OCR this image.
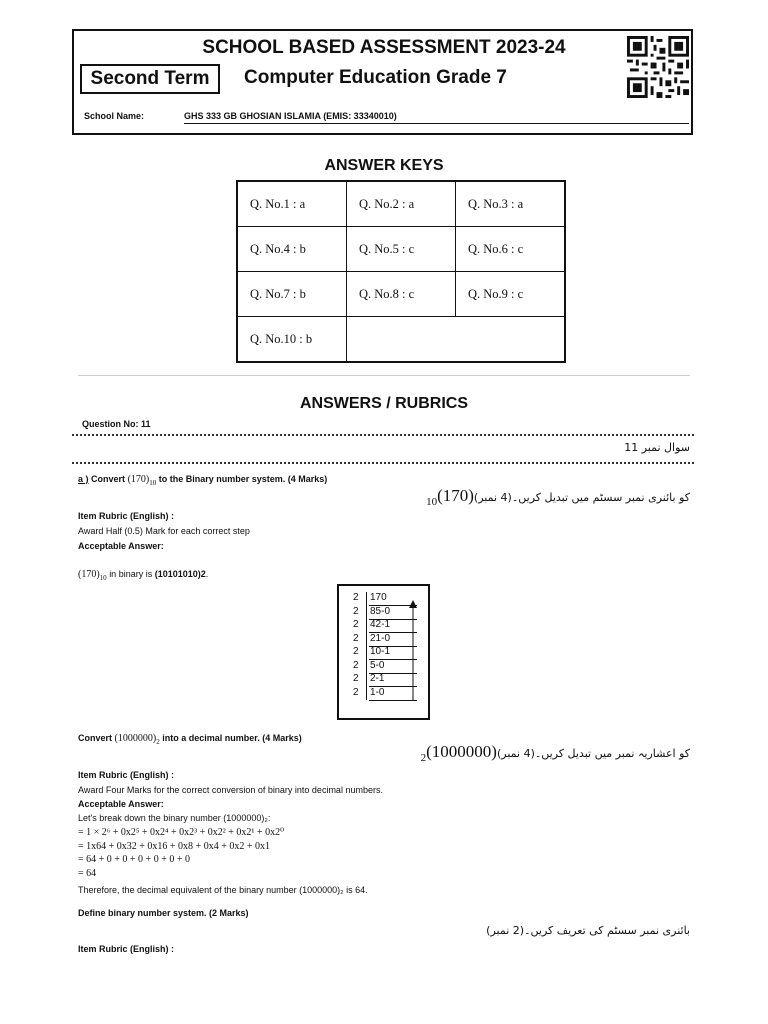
SCHOOL BASED ASSESSMENT 2023-24
Second Term	Computer Education Grade 7
School Name:	GHS 333 GB GHOSIAN ISLAMIA (EMIS: 33340010)
ANSWER KEYS
Q. No.1 : a	Q. No.2 : a	Q. No.3 : a
Q. No.4 : b	Q. No.5 : c	Q. No.6 : c
Q. No.7 : b	Q. No.8 : c	Q. No.9 : c
Q. No.10 : b		
ANSWERS / RUBRICS
Question No: 11
سوال نمبر 11
a ) Convert $(170)_{10}$ to the Binary number system. (4 Marks)
کو بائنری نمبر سسٹم میں تبدیل کریں۔(4 $نمبر)(170)_{10}$
Item Rubric (English) :
Award Half (0.5) Mark for each correct step
Acceptable Answer:
$(170)_{10}$ in binary is (10101010)2.
2 170
2 85-0
2 42-1
2 21-0
2 10-1
2 5-0
2 2-1
2 1-0
Convert $(1000000)_2$ into a decimal number. (4 Marks)
کو اعشاریہ نمبر میں تبدیل کریں۔(4 $نمبر)(1000000)_2$
Item Rubric (English) :
Award Four Marks for the correct conversion of binary into decimal numbers.
Acceptable Answer:
Let's break down the binary number (1000000)₂:
= 1 × 2⁶ + 0x2⁵ + 0x2⁴ + 0x2³ + 0x2² + 0x2¹ + 0x2⁰
= 1x64 + 0x32 + 0x16 + 0x8 + 0x4 + 0x2 + 0x1
= 64 + 0 + 0 + 0 + 0 + 0 + 0
= 64
Therefore, the decimal equivalent of the binary number (1000000)₂ is 64.
Define binary number system. (2 Marks)
بائنری نمبر سسٹم کی تعریف کریں۔(2 نمبر)
Item Rubric (English) :
